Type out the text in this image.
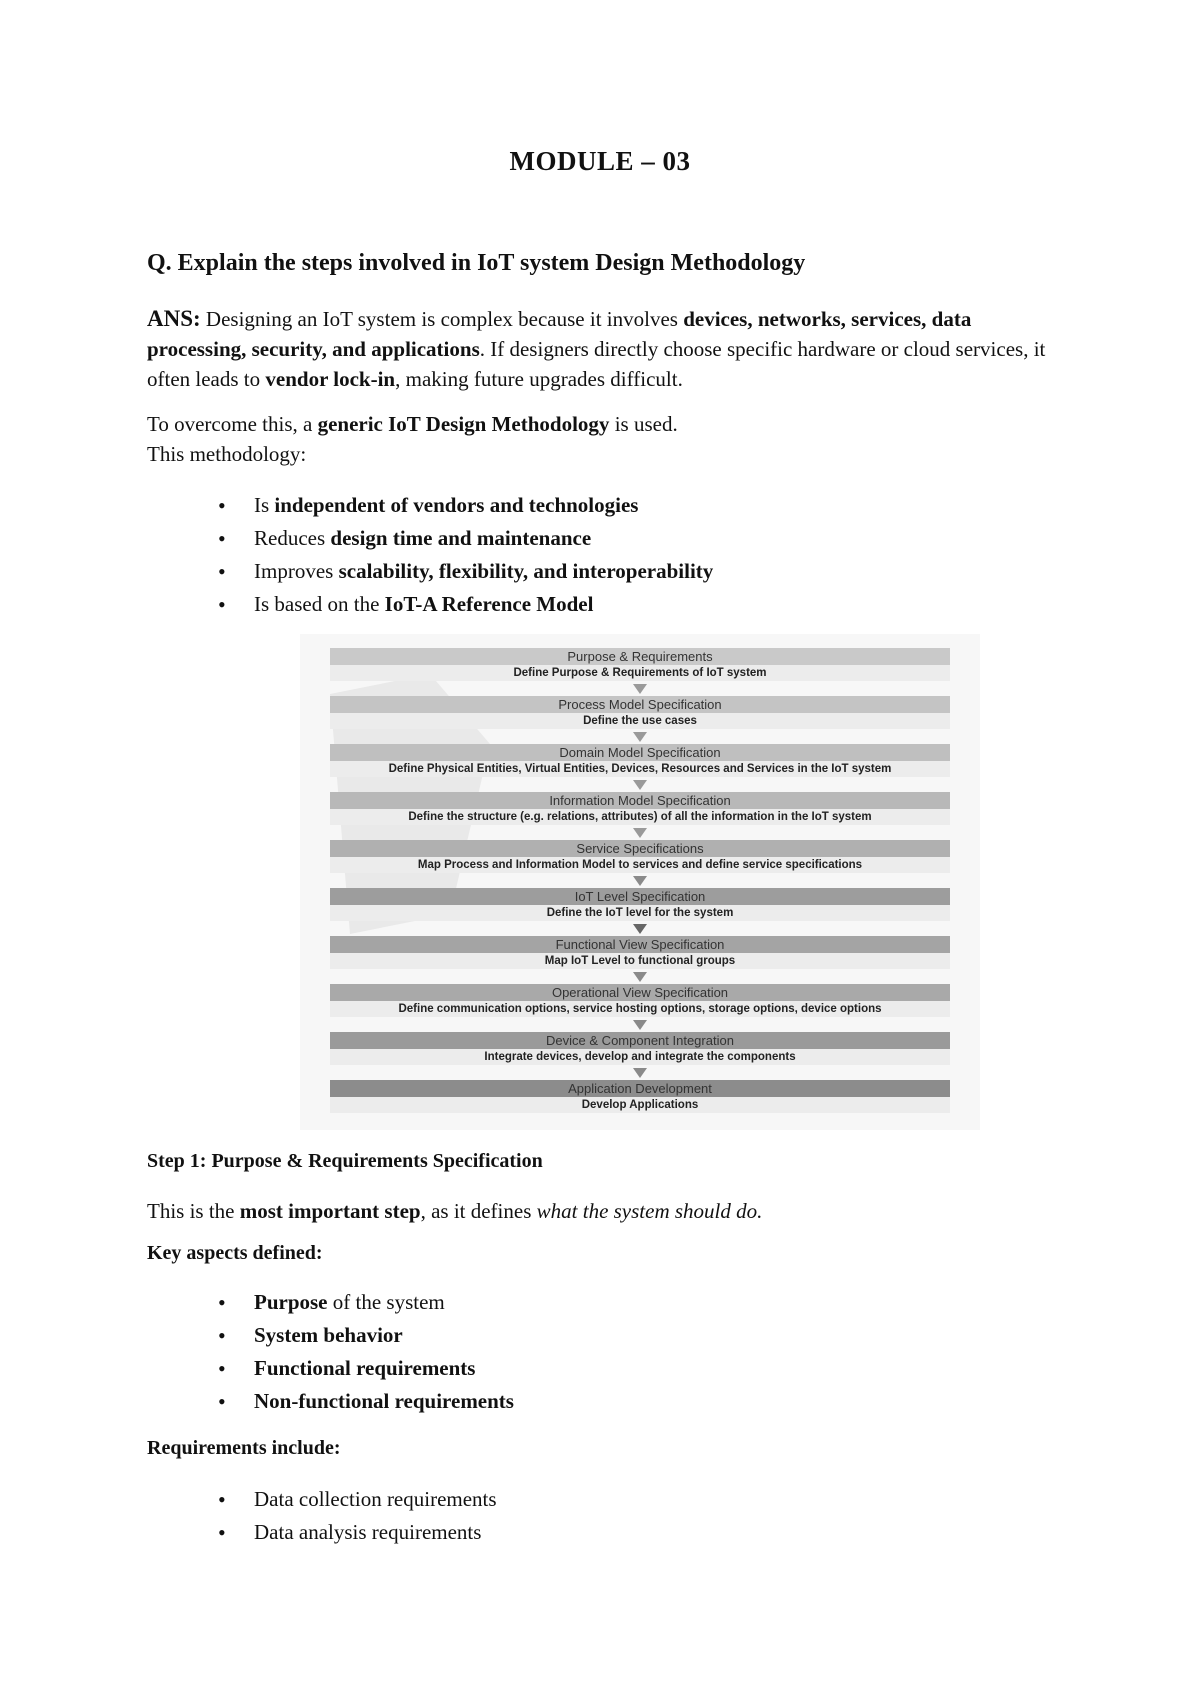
MODULE – 03
Q. Explain the steps involved in IoT system Design Methodology
ANS: Designing an IoT system is complex because it involves devices, networks, services, data processing, security, and applications. If designers directly choose specific hardware or cloud services, it often leads to vendor lock-in, making future upgrades difficult.
To overcome this, a generic IoT Design Methodology is used.
This methodology:
• Is independent of vendors and technologies
• Reduces design time and maintenance
• Improves scalability, flexibility, and interoperability
• Is based on the IoT-A Reference Model
Purpose & Requirements
Define Purpose & Requirements of IoT system
Process Model Specification
Define the use cases
Domain Model Specification
Define Physical Entities, Virtual Entities, Devices, Resources and Services in the IoT system
Information Model Specification
Define the structure (e.g. relations, attributes) of all the information in the IoT system
Service Specifications
Map Process and Information Model to services and define service specifications
IoT Level Specification
Define the IoT level for the system
Functional View Specification
Map IoT Level to functional groups
Operational View Specification
Define communication options, service hosting options, storage options, device options
Device & Component Integration
Integrate devices, develop and integrate the components
Application Development
Develop Applications
Step 1: Purpose & Requirements Specification
This is the most important step, as it defines what the system should do.
Key aspects defined:
• Purpose of the system
• System behavior
• Functional requirements
• Non-functional requirements
Requirements include:
• Data collection requirements
• Data analysis requirements
